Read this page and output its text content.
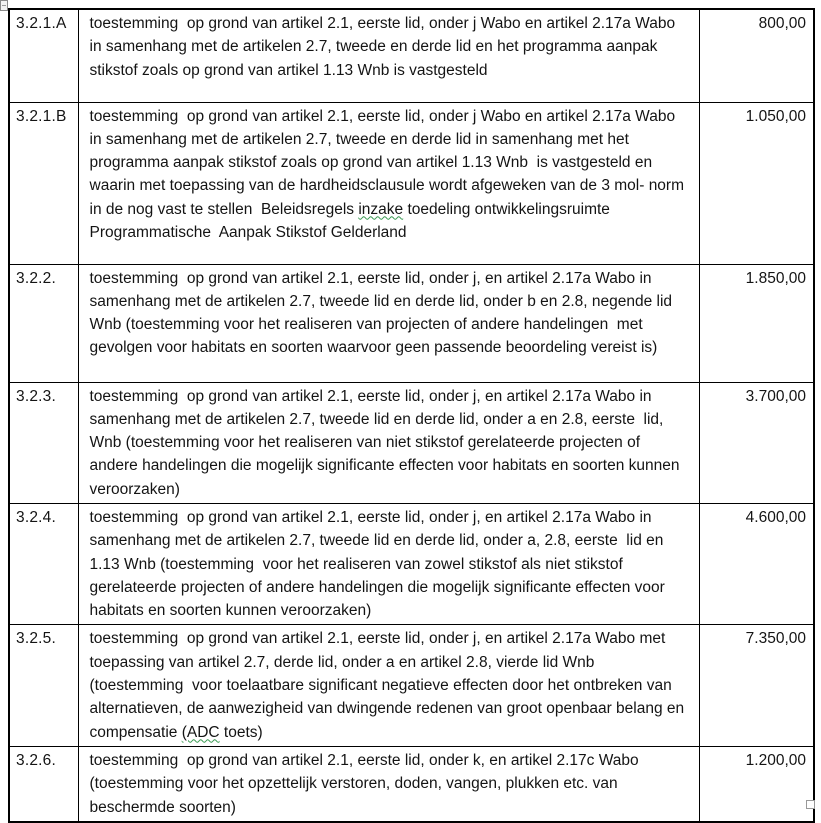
3.2.1.A	toestemming  op grond van artikel 2.1, eerste lid, onder j Wabo en artikel 2.17a Wabo in samenhang met de artikelen 2.7, tweede en derde lid en het programma aanpak stikstof zoals op grond van artikel 1.13 Wnb is vastgesteld	800,00
3.2.1.B	toestemming  op grond van artikel 2.1, eerste lid, onder j Wabo en artikel 2.17a Wabo in samenhang met de artikelen 2.7, tweede en derde lid in samenhang met het programma aanpak stikstof zoals op grond van artikel 1.13 Wnb  is vastgesteld en waarin met toepassing van de hardheidsclausule wordt afgeweken van de 3 mol- norm in de nog vast te stellen  Beleidsregels inzake toedeling ontwikkelingsruimte  Programmatische  Aanpak Stikstof Gelderland	1.050,00
3.2.2.	toestemming  op grond van artikel 2.1, eerste lid, onder j, en artikel 2.17a Wabo in samenhang met de artikelen 2.7, tweede lid en derde lid, onder b en 2.8, negende lid Wnb (toestemming voor het realiseren van projecten of andere handelingen  met gevolgen voor habitats en soorten waarvoor geen passende beoordeling vereist is)	1.850,00
3.2.3.	toestemming  op grond van artikel 2.1, eerste lid, onder j, en artikel 2.17a Wabo in samenhang met de artikelen 2.7, tweede lid en derde lid, onder a en 2.8, eerste  lid, Wnb (toestemming voor het realiseren van niet stikstof gerelateerde projecten of andere handelingen die mogelijk significante effecten voor habitats en soorten kunnen veroorzaken)	3.700,00
3.2.4.	toestemming  op grond van artikel 2.1, eerste lid, onder j, en artikel 2.17a Wabo in samenhang met de artikelen 2.7, tweede lid en derde lid, onder a, 2.8, eerste  lid en 1.13 Wnb (toestemming  voor het realiseren van zowel stikstof als niet stikstof gerelateerde projecten of andere handelingen die mogelijk significante effecten voor habitats en soorten kunnen veroorzaken)	4.600,00
3.2.5.	toestemming  op grond van artikel 2.1, eerste lid, onder j, en artikel 2.17a Wabo met toepassing van artikel 2.7, derde lid, onder a en artikel 2.8, vierde lid Wnb (toestemming  voor toelaatbare significant negatieve effecten door het ontbreken van alternatieven, de aanwezigheid van dwingende redenen van groot openbaar belang en compensatie (ADC toets)	7.350,00
3.2.6.	toestemming  op grond van artikel 2.1, eerste lid, onder k, en artikel 2.17c Wabo (toestemming voor het opzettelijk verstoren, doden, vangen, plukken etc. van beschermde soorten)	1.200,00
